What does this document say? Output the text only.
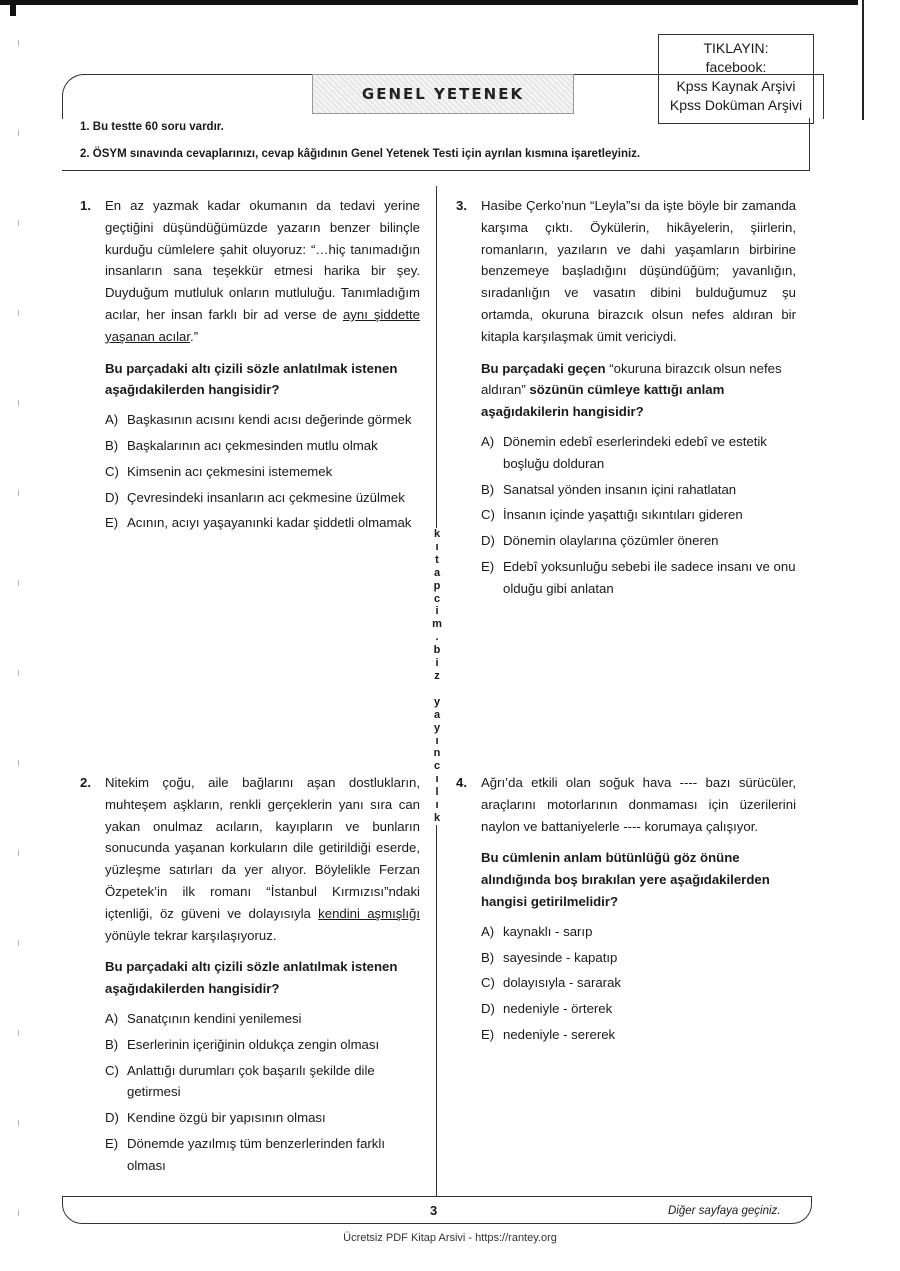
TIKLAYIN:
facebook:
Kpss Kaynak Arşivi
Kpss Doküman Arşivi
GENEL YETENEK
1. Bu testte 60 soru vardır.
2. ÖSYM sınavında cevaplarınızı, cevap kâğıdının Genel Yetenek Testi için ayrılan kısmına işaretleyiniz.
k
ı
t
a
p
c
i
m
.
b
i
z

y
a
y
ı
n
c
ı
l
ı
k
1. En az yazmak kadar okumanın da tedavi yerine geçtiğini düşündüğümüzde yazarın benzer bilinçle kurduğu cümlelere şahit oluyoruz: “…hiç tanımadığın insanların sana teşekkür etmesi harika bir şey. Duyduğum mutluluk onların mutluluğu. Tanımladığım acılar, her insan farklı bir ad verse de aynı şiddette yaşanan acılar.”
Bu parçadaki altı çizili sözle anlatılmak istenen aşağıdakilerden hangisidir?
A) Başkasının acısını kendi acısı değerinde görmek
B) Başkalarının acı çekmesinden mutlu olmak
C) Kimsenin acı çekmesini istememek
D) Çevresindeki insanların acı çekmesine üzülmek
E) Acının, acıyı yaşayanınki kadar şiddetli olmamak
2. Nitekim çoğu, aile bağlarını aşan dostlukların, muhteşem aşkların, renkli gerçeklerin yanı sıra can yakan onulmaz acıların, kayıpların ve bunların sonucunda yaşanan korkuların dile getirildiği eserde, yüzleşme satırları da yer alıyor. Böylelikle Ferzan Özpetek’in ilk romanı “İstanbul Kırmızısı”ndaki içtenliği, öz güveni ve dolayısıyla kendini aşmışlığı yönüyle tekrar karşılaşıyoruz.
Bu parçadaki altı çizili sözle anlatılmak istenen aşağıdakilerden hangisidir?
A) Sanatçının kendini yenilemesi
B) Eserlerinin içeriğinin oldukça zengin olması
C) Anlattığı durumları çok başarılı şekilde dile getirmesi
D) Kendine özgü bir yapısının olması
E) Dönemde yazılmış tüm benzerlerinden farklı olması
3. Hasibe Çerko’nun “Leyla”sı da işte böyle bir zamanda karşıma çıktı. Öykülerin, hikâyelerin, şiirlerin, romanların, yazıların ve dahi yaşamların birbirine benzemeye başladığını düşündüğüm; yavanlığın, sıradanlığın ve vasatın dibini bulduğumuz şu ortamda, okuruna birazcık olsun nefes aldıran bir kitapla karşılaşmak ümit vericiydi.
Bu parçadaki geçen “okuruna birazcık olsun nefes aldıran” sözünün cümleye kattığı anlam aşağıdakilerin hangisidir?
A) Dönemin edebî eserlerindeki edebî ve estetik boşluğu dolduran
B) Sanatsal yönden insanın içini rahatlatan
C) İnsanın içinde yaşattığı sıkıntıları gideren
D) Dönemin olaylarına çözümler öneren
E) Edebî yoksunluğu sebebi ile sadece insanı ve onu olduğu gibi anlatan
4. Ağrı’da etkili olan soğuk hava ---- bazı sürücüler, araçlarını motorlarının donmaması için üzerilerini naylon ve battaniyelerle ---- korumaya çalışıyor.
Bu cümlenin anlam bütünlüğü göz önüne alındığında boş bırakılan yere aşağıdakilerden hangisi getirilmelidir?
A) kaynaklı - sarıp
B) sayesinde - kapatıp
C) dolayısıyla - sararak
D) nedeniyle - örterek
E) nedeniyle - sererek
3	Diğer sayfaya geçiniz.
Ücretsiz PDF Kitap Arsivi - https://rantey.org
